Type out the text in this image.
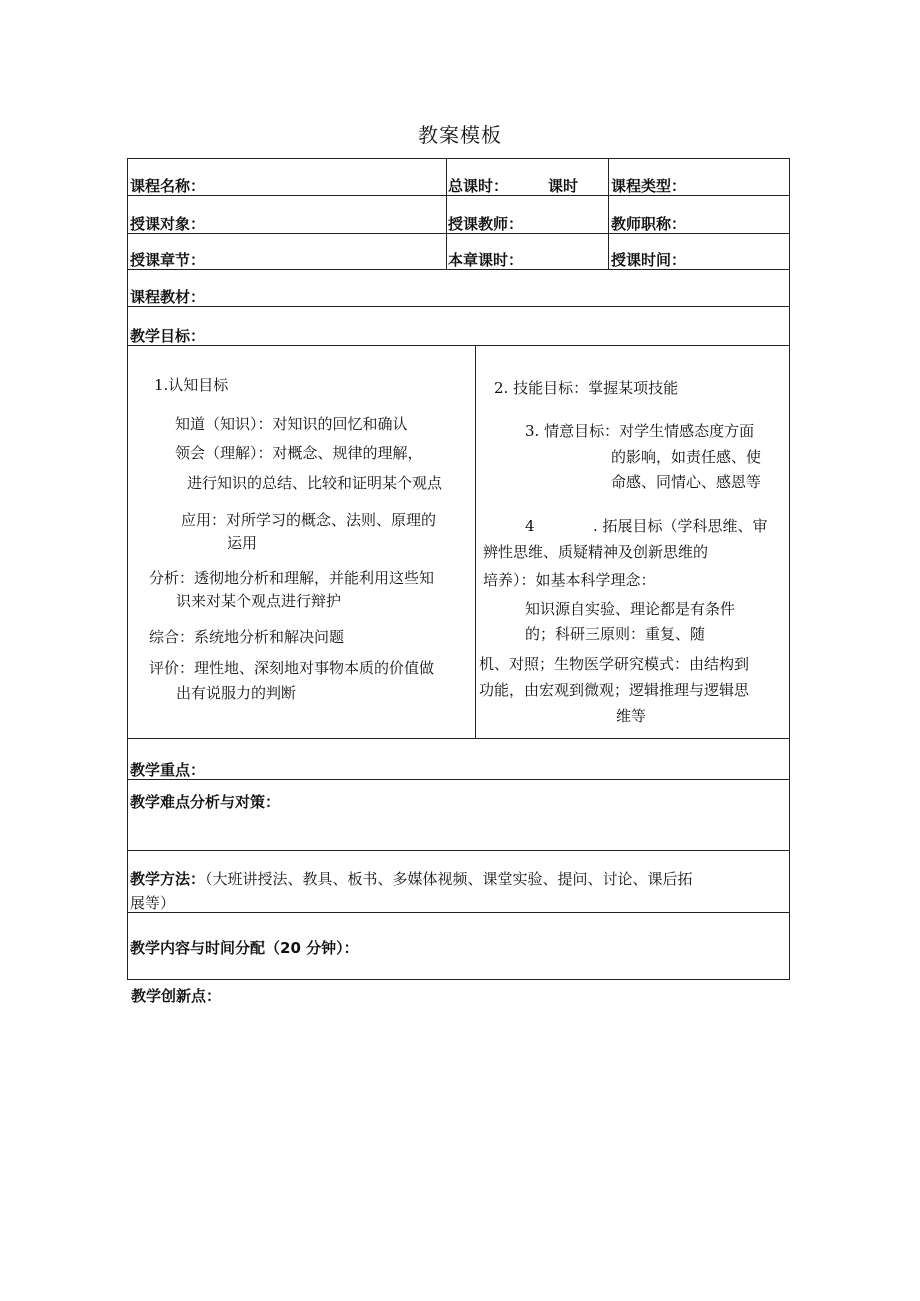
教案模板
课程名称：	总课时：	课时 课程类型：
授课对象：	授课教师：	教师职称：
授课章节：	本章课时：	授课时间：
课程教材：
教学目标：
1.认知目标
知道（知识）：对知识的回忆和确认
领会（理解）：对概念、规律的理解，
进行知识的总结、比较和证明某个观点
应用：对所学习的概念、法则、原理的
运用
分析：透彻地分析和理解，并能利用这些知
识来对某个观点进行辩护
综合：系统地分析和解决问题
评价：理性地、深刻地对事物本质的价值做
出有说服力的判断
2. 技能目标：掌握某项技能
3. 情意目标：对学生情感态度方面
的影响，如责任感、使
命感、同情心、感恩等
4	. 拓展目标（学科思维、审
辨性思维、质疑精神及创新思维的
培养）：如基本科学理念：
知识源自实验、理论都是有条件
的；科研三原则：重复、随
机、对照；生物医学研究模式：由结构到
功能，由宏观到微观；逻辑推理与逻辑思
维等
教学重点：
教学难点分析与对策：
教学方法：（大班讲授法、教具、板书、多媒体视频、课堂实验、提问、讨论、课后拓
展等）
教学内容与时间分配（20 分钟）：
教学创新点：
